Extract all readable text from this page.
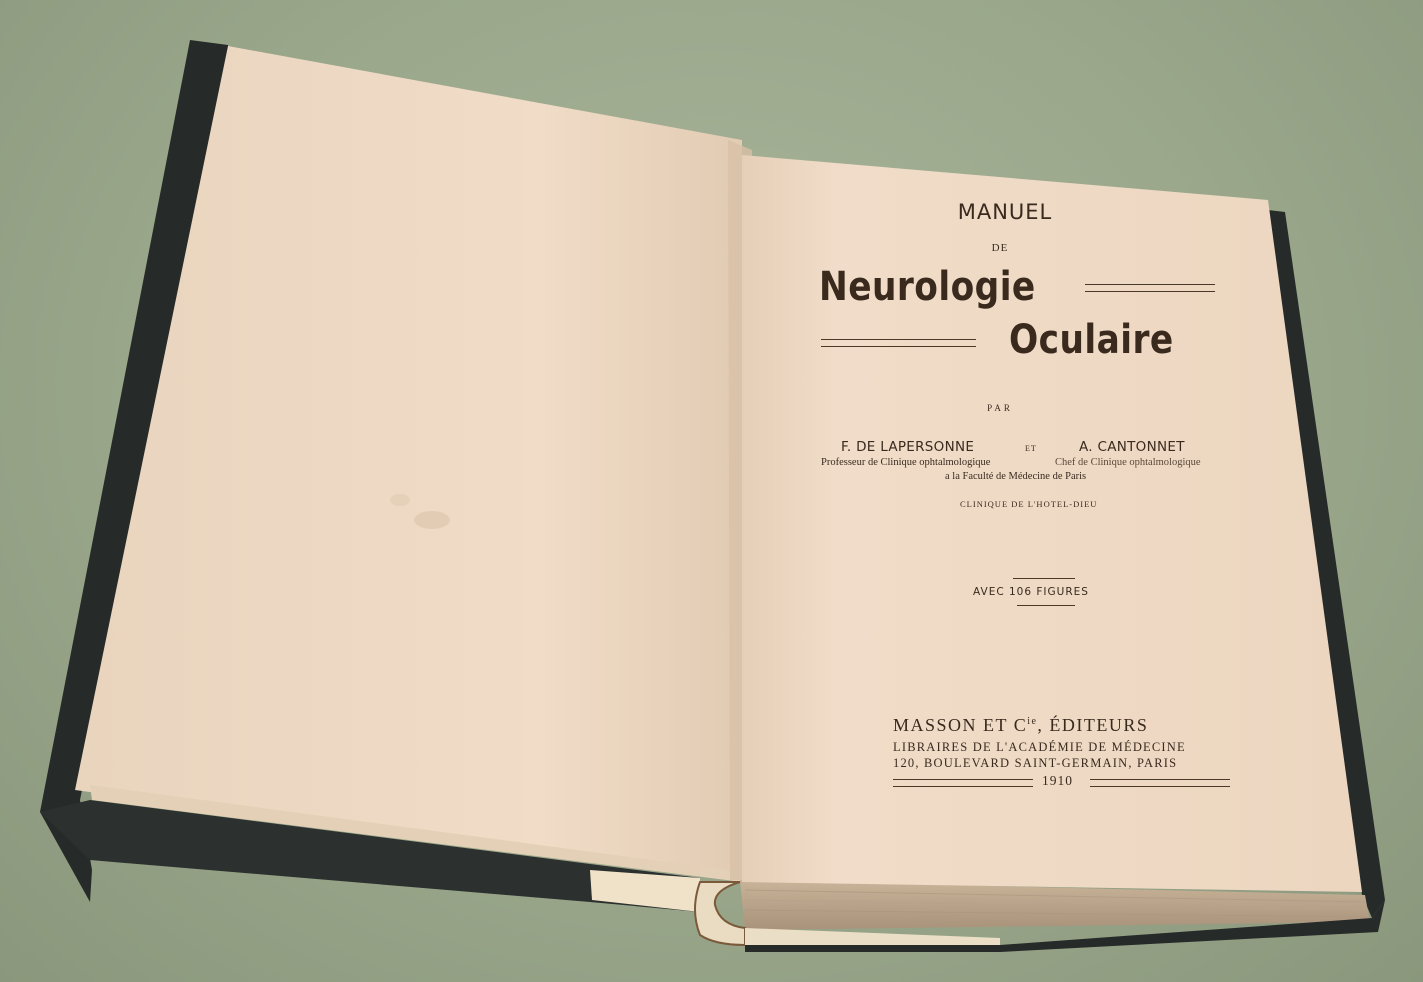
MANUEL
DE
Neurologie
Oculaire
PAR
F. DE LAPERSONNE	ET	A. CANTONNET
Professeur de Clinique ophtalmologique	Chef de Clinique ophtalmologique
a la Faculté de Médecine de Paris
CLINIQUE DE L'HOTEL-DIEU
AVEC 106 FIGURES
MASSON ET $C^{ie}$, ÉDITEURS
LIBRAIRES DE L'ACADÉMIE DE MÉDECINE
120, BOULEVARD SAINT-GERMAIN, PARIS
1910
